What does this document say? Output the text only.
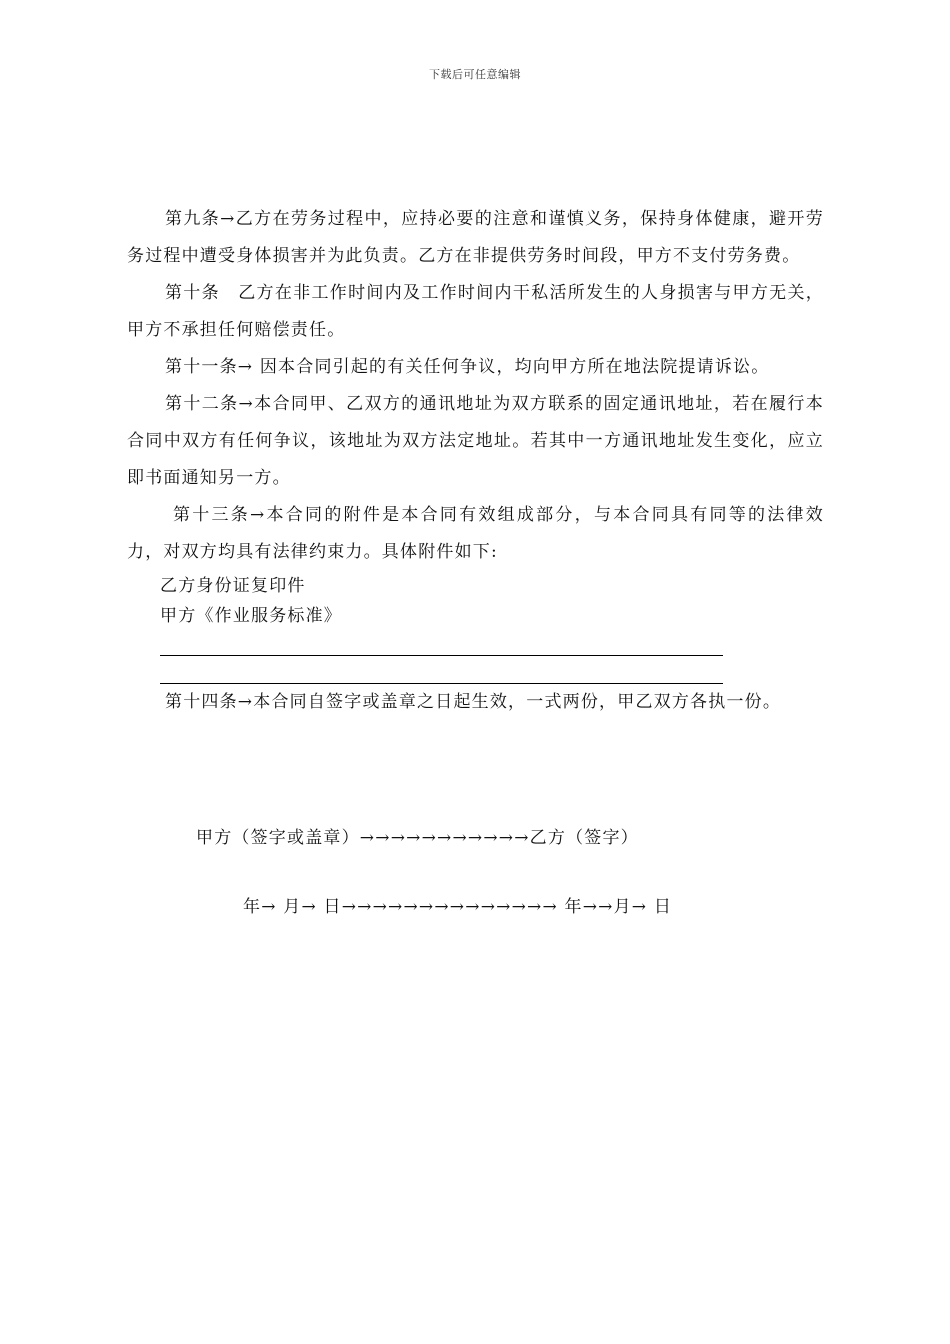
下载后可任意编辑

第九条→乙方在劳务过程中，应持必要的注意和谨慎义务，保持身体健康，避开劳务过程中遭受身体损害并为此负责。乙方在非提供劳务时间段，甲方不支付劳务费。

第十条　乙方在非工作时间内及工作时间内干私活所发生的人身损害与甲方无关，甲方不承担任何赔偿责任。

第十一条→ 因本合同引起的有关任何争议，均向甲方所在地法院提请诉讼。

第十二条→本合同甲、乙双方的通讯地址为双方联系的固定通讯地址，若在履行本合同中双方有任何争议，该地址为双方法定地址。若其中一方通讯地址发生变化，应立即书面通知另一方。

第十三条→本合同的附件是本合同有效组成部分，与本合同具有同等的法律效力，对双方均具有法律约束力。具体附件如下:

乙方身份证复印件

甲方《作业服务标准》

第十四条→本合同自签字或盖章之日起生效，一式两份，甲乙双方各执一份。

甲方（签字或盖章）→→→→→→→→→→→乙方（签字）
年→ 月→ 日→→→→→→→→→→→→→→ 年→→月→ 日
